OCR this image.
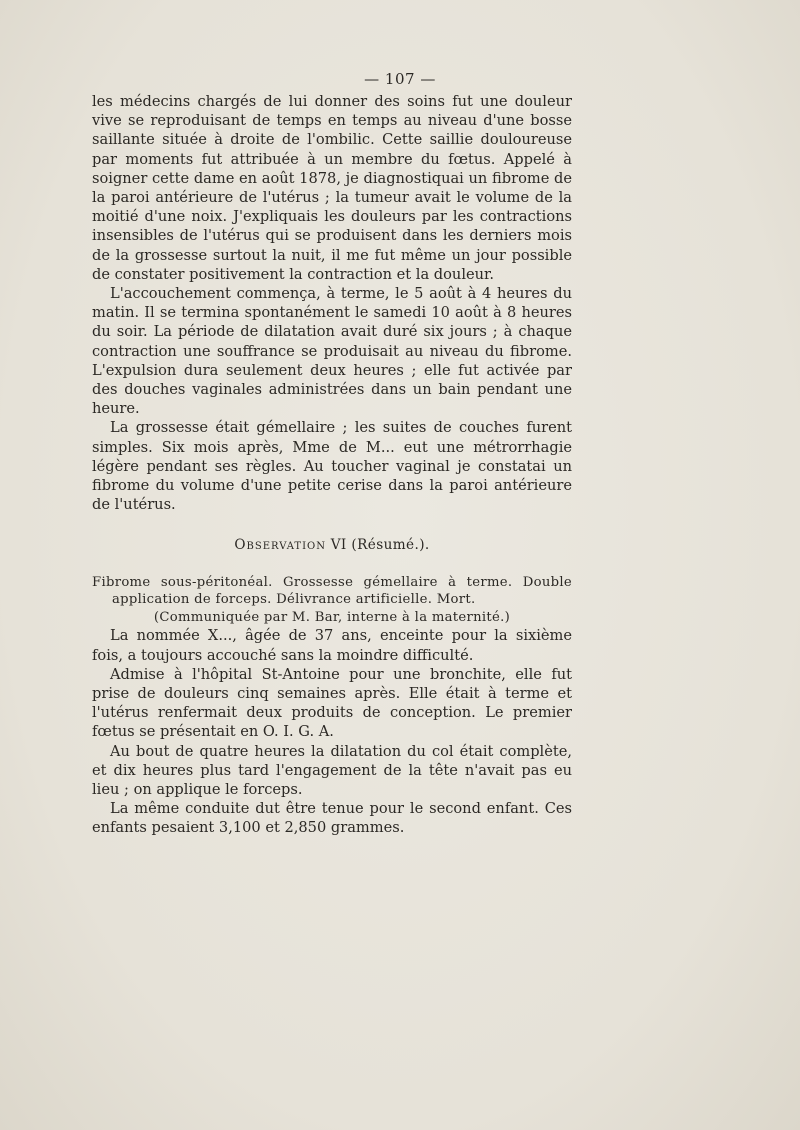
— 107 —

les médecins chargés de lui donner des soins fut une douleur vive se reproduisant de temps en temps au niveau d'une bosse saillante située à droite de l'ombilic. Cette saillie douloureuse par moments fut attribuée à un membre du fœtus. Appelé à soigner cette dame en août 1878, je diagnostiquai un fibrome de la paroi antérieure de l'utérus ; la tumeur avait le volume de la moitié d'une noix. J'expliquais les douleurs par les contractions insensibles de l'utérus qui se produisent dans les derniers mois de la grossesse surtout la nuit, il me fut même un jour possible de constater positivement la contraction et la douleur.

L'accouchement commença, à terme, le 5 août à 4 heures du matin. Il se termina spontanément le samedi 10 août à 8 heures du soir. La période de dilatation avait duré six jours ; à chaque contraction une souffrance se produisait au niveau du fibrome. L'expulsion dura seulement deux heures ; elle fut activée par des douches vaginales administrées dans un bain pendant une heure.

La grossesse était gémellaire ; les suites de couches furent simples. Six mois après, Mme de M... eut une métrorrhagie légère pendant ses règles. Au toucher vaginal je constatai un fibrome du volume d'une petite cerise dans la paroi antérieure de l'utérus.

Observation VI (Résumé.).

Fibrome sous-péritonéal. Grossesse gémellaire à terme. Double application de forceps. Délivrance artificielle. Mort.

(Communiquée par M. Bar, interne à la maternité.)

La nommée X..., âgée de 37 ans, enceinte pour la sixième fois, a toujours accouché sans la moindre difficulté.

Admise à l'hôpital St-Antoine pour une bronchite, elle fut prise de douleurs cinq semaines après. Elle était à terme et l'utérus renfermait deux produits de conception. Le premier fœtus se présentait en O. I. G. A.

Au bout de quatre heures la dilatation du col était complète, et dix heures plus tard l'engagement de la tête n'avait pas eu lieu ; on applique le forceps.

La même conduite dut être tenue pour le second enfant. Ces enfants pesaient 3,100 et 2,850 grammes.
